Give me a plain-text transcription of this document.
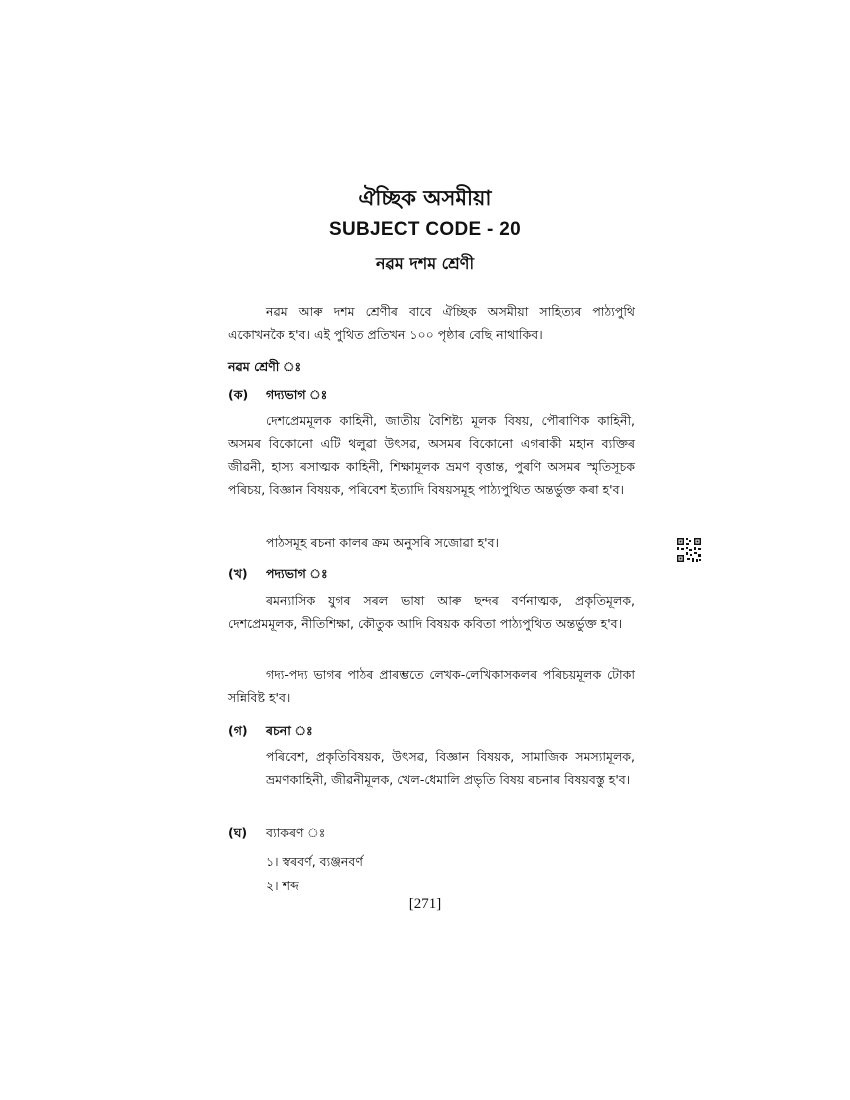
ঐচ্ছিক অসমীয়া
SUBJECT CODE - 20
নৱম দশম শ্ৰেণী

নৱম আৰু দশম শ্ৰেণীৰ বাবে ঐচ্ছিক অসমীয়া সাহিত্যৰ পাঠ্যপুথি একোখনকৈ হ'ব। এই পুথিত প্ৰতিখন ১০০ পৃষ্ঠাৰ বেছি নাথাকিব।

নৱম শ্ৰেণী ঃ
(ক) গদ্যভাগ ঃ

দেশপ্ৰেমমূলক কাহিনী, জাতীয় বৈশিষ্ট্য মূলক বিষয়, পৌৰাণিক কাহিনী, অসমৰ বিকোনো এটি থলুৱা উৎসৱ, অসমৰ বিকোনো এগৰাকী মহান ব্যক্তিৰ জীৱনী, হাস্য ৰসাত্মক কাহিনী, শিক্ষামূলক ভ্ৰমণ বৃত্তান্ত, পুৰণি অসমৰ স্মৃতিসূচক পৰিচয়, বিজ্ঞান বিষয়ক, পৰিবেশ ইত্যাদি বিষয়সমূহ পাঠ্যপুথিত অন্তৰ্ভুক্ত কৰা হ'ব।

পাঠসমূহ ৰচনা কালৰ ক্ৰম অনুসৰি সজোৱা হ'ব।

(খ) পদ্যভাগ ঃ

ৰমন্যাসিক যুগৰ সৰল ভাষা আৰু ছন্দৰ বৰ্ণনাত্মক, প্ৰকৃতিমূলক, দেশপ্ৰেমমূলক, নীতিশিক্ষা, কৌতুক আদি বিষয়ক কবিতা পাঠ্যপুথিত অন্তৰ্ভুক্ত হ'ব।

গদ্য-পদ্য ভাগৰ পাঠৰ প্ৰাৰম্ভতে লেখক-লেখিকাসকলৰ পৰিচয়মূলক টোকা সন্নিবিষ্ট হ'ব।

(গ) ৰচনা ঃ

পৰিবেশ, প্ৰকৃতিবিষয়ক, উৎসৱ, বিজ্ঞান বিষয়ক, সামাজিক সমস্যামূলক, ভ্ৰমণকাহিনী, জীৱনীমূলক, খেল-ধেমালি প্ৰভৃতি বিষয় ৰচনাৰ বিষয়বস্তু হ'ব।

(ঘ) ব্যাকৰণ ঃ
১। স্বৰবৰ্ণ, ব্যঞ্জনবৰ্ণ
২। শব্দ
[271]
